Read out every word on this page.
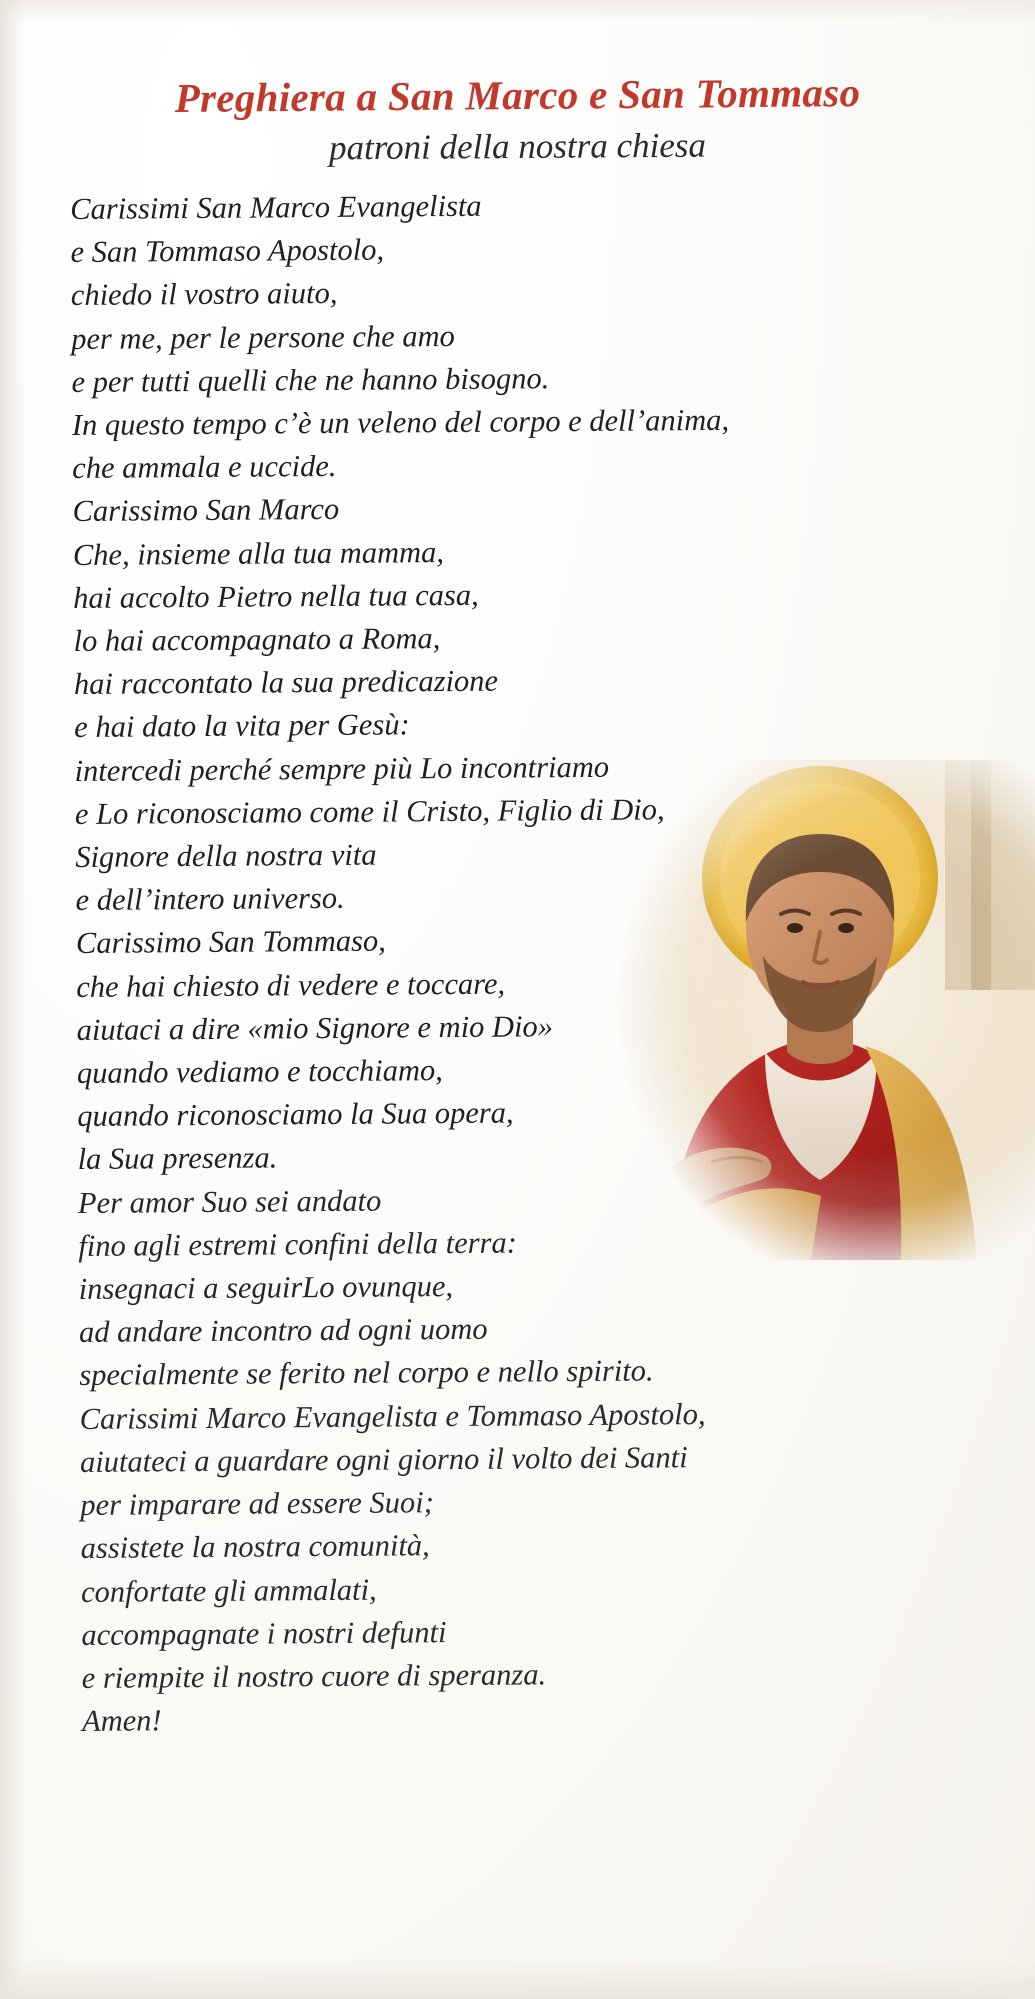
Preghiera a San Marco e San Tommaso
patroni della nostra chiesa
Carissimi San Marco Evangelista
e San Tommaso Apostolo,
chiedo il vostro aiuto,
per me, per le persone che amo
e per tutti quelli che ne hanno bisogno.
In questo tempo c’è un veleno del corpo e dell’anima,
che ammala e uccide.
Carissimo San Marco
Che, insieme alla tua mamma,
hai accolto Pietro nella tua casa,
lo hai accompagnato a Roma,
hai raccontato la sua predicazione
e hai dato la vita per Gesù:
intercedi perché sempre più Lo incontriamo
e Lo riconosciamo come il Cristo, Figlio di Dio,
Signore della nostra vita
e dell’intero universo.
Carissimo San Tommaso,
che hai chiesto di vedere e toccare,
aiutaci a dire «mio Signore e mio Dio»
quando vediamo e tocchiamo,
quando riconosciamo la Sua opera,
la Sua presenza.
Per amor Suo sei andato
fino agli estremi confini della terra:
insegnaci a seguirLo ovunque,
ad andare incontro ad ogni uomo
specialmente se ferito nel corpo e nello spirito.
Carissimi Marco Evangelista e Tommaso Apostolo,
aiutateci a guardare ogni giorno il volto dei Santi
per imparare ad essere Suoi;
assistete la nostra comunità,
confortate gli ammalati,
accompagnate i nostri defunti
e riempite il nostro cuore di speranza.
Amen!
